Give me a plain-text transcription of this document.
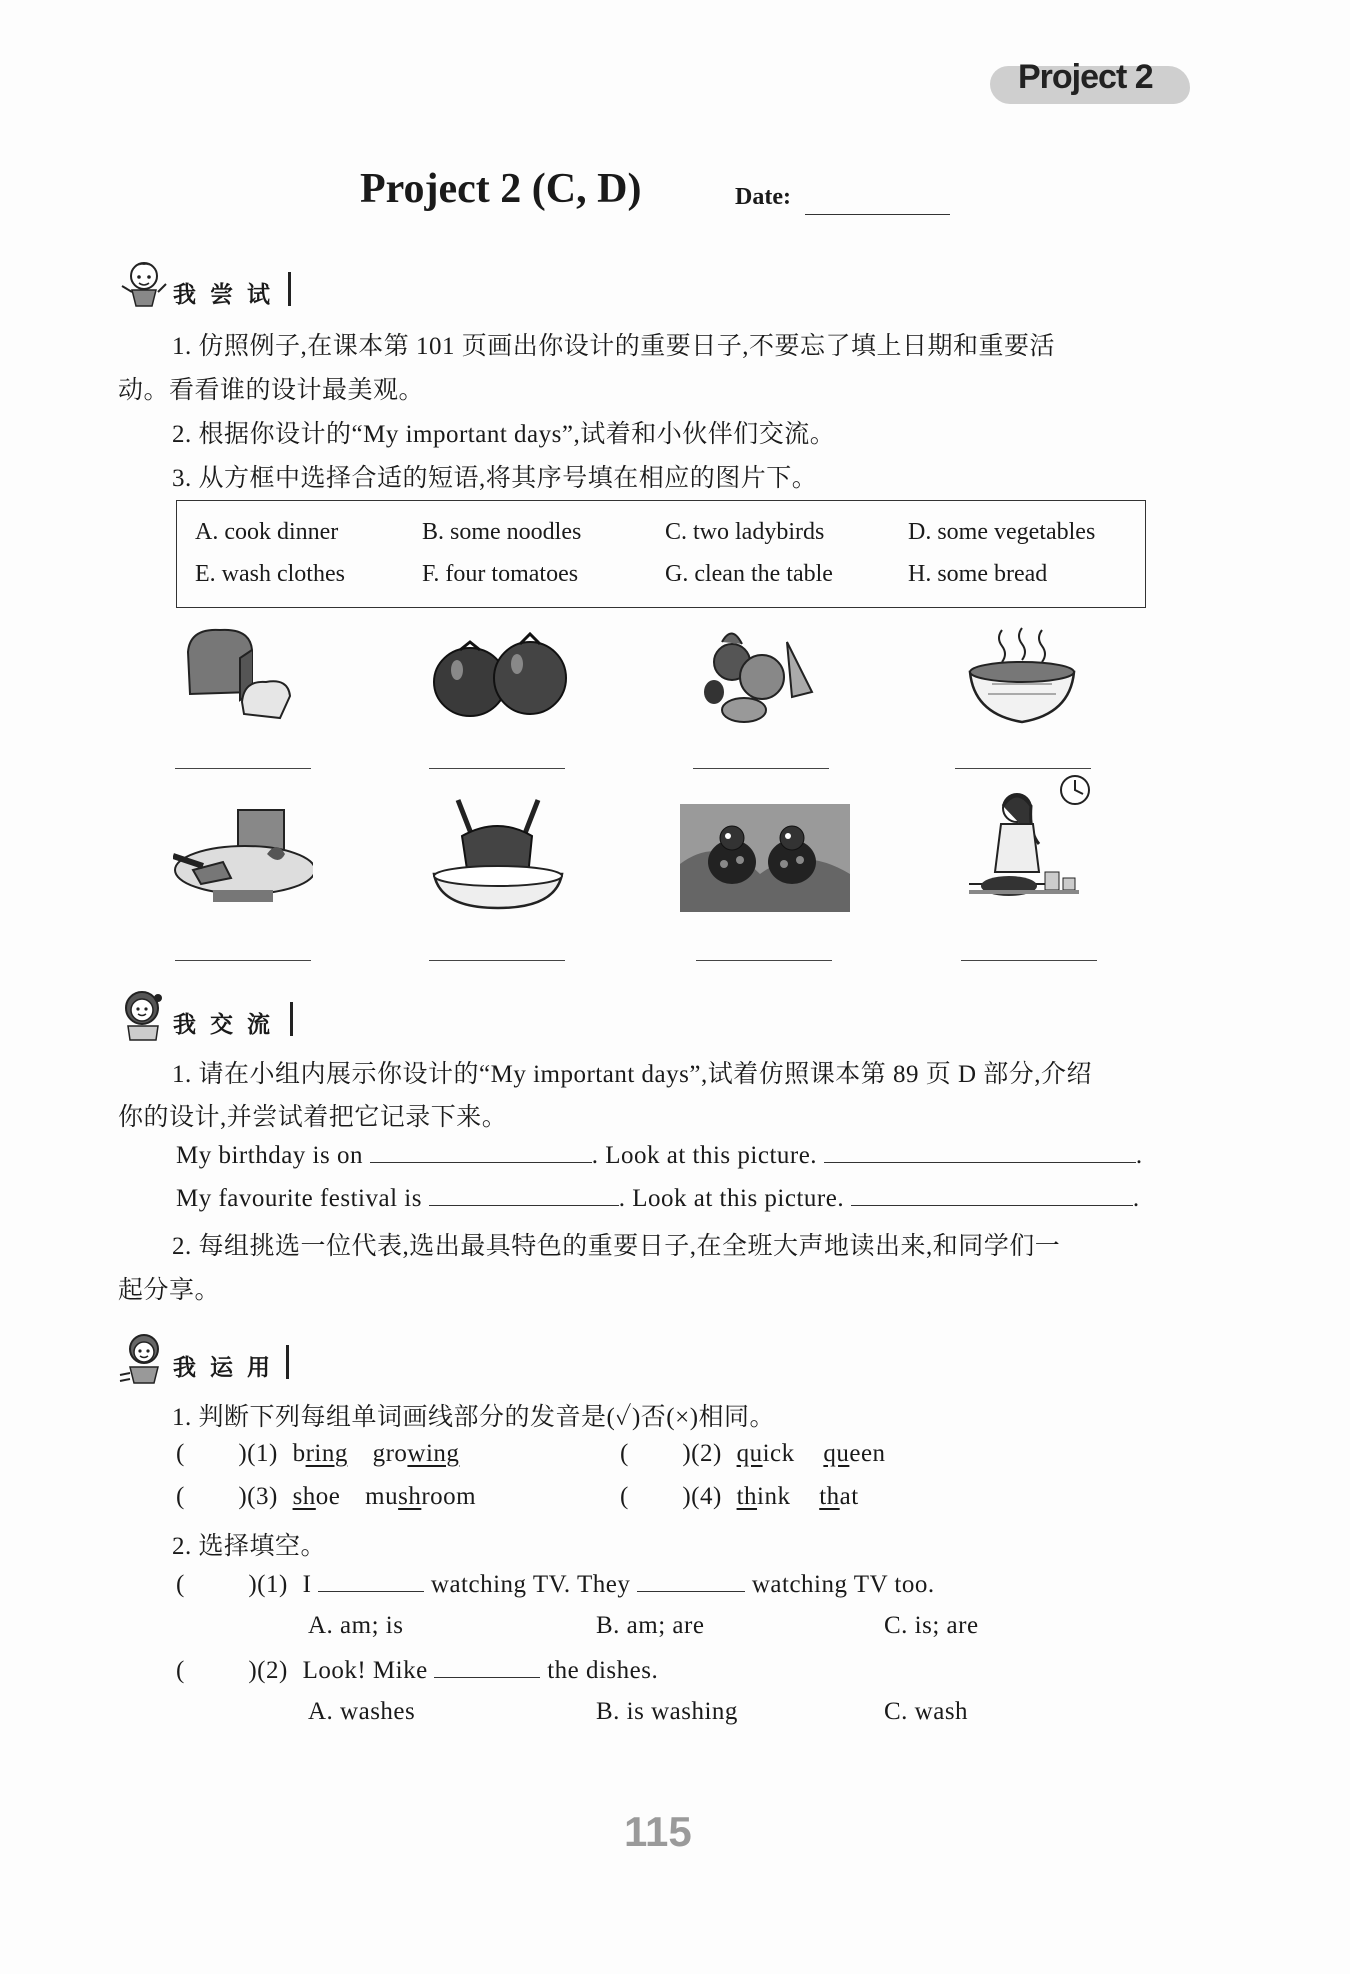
Project 2
Project 2 (C, D)	Date:
我尝试
1. 仿照例子,在课本第 101 页画出你设计的重要日子,不要忘了填上日期和重要活
动。看看谁的设计最美观。
2. 根据你设计的“My important days”,试着和小伙伴们交流。
3. 从方框中选择合适的短语,将其序号填在相应的图片下。
A. cook dinner	B. some noodles	C. two ladybirds	D. some vegetables
E. wash clothes	F. four tomatoes	G. clean the table	H. some bread
我交流
1. 请在小组内展示你设计的“My important days”,试着仿照课本第 89 页 D 部分,介绍
你的设计,并尝试着把它记录下来。
My birthday is on	. Look at this picture.	.
My favourite festival is	. Look at this picture.	.
2. 每组挑选一位代表,选出最具特色的重要日子,在全班大声地读出来,和同学们一
起分享。
我运用
1. 判断下列每组单词画线部分的发音是(✓)否(×)相同。
( )(1) bring growing	( )(2) quick queen
( )(3) shoe mushroom	( )(4) think that
2. 选择填空。
(	)(1) I	watching TV. They	watching TV too.
A. am; is	B. am; are	C. is; are
(	)(2) Look! Mike	the dishes.
A. washes	B. is washing	C. wash
115
